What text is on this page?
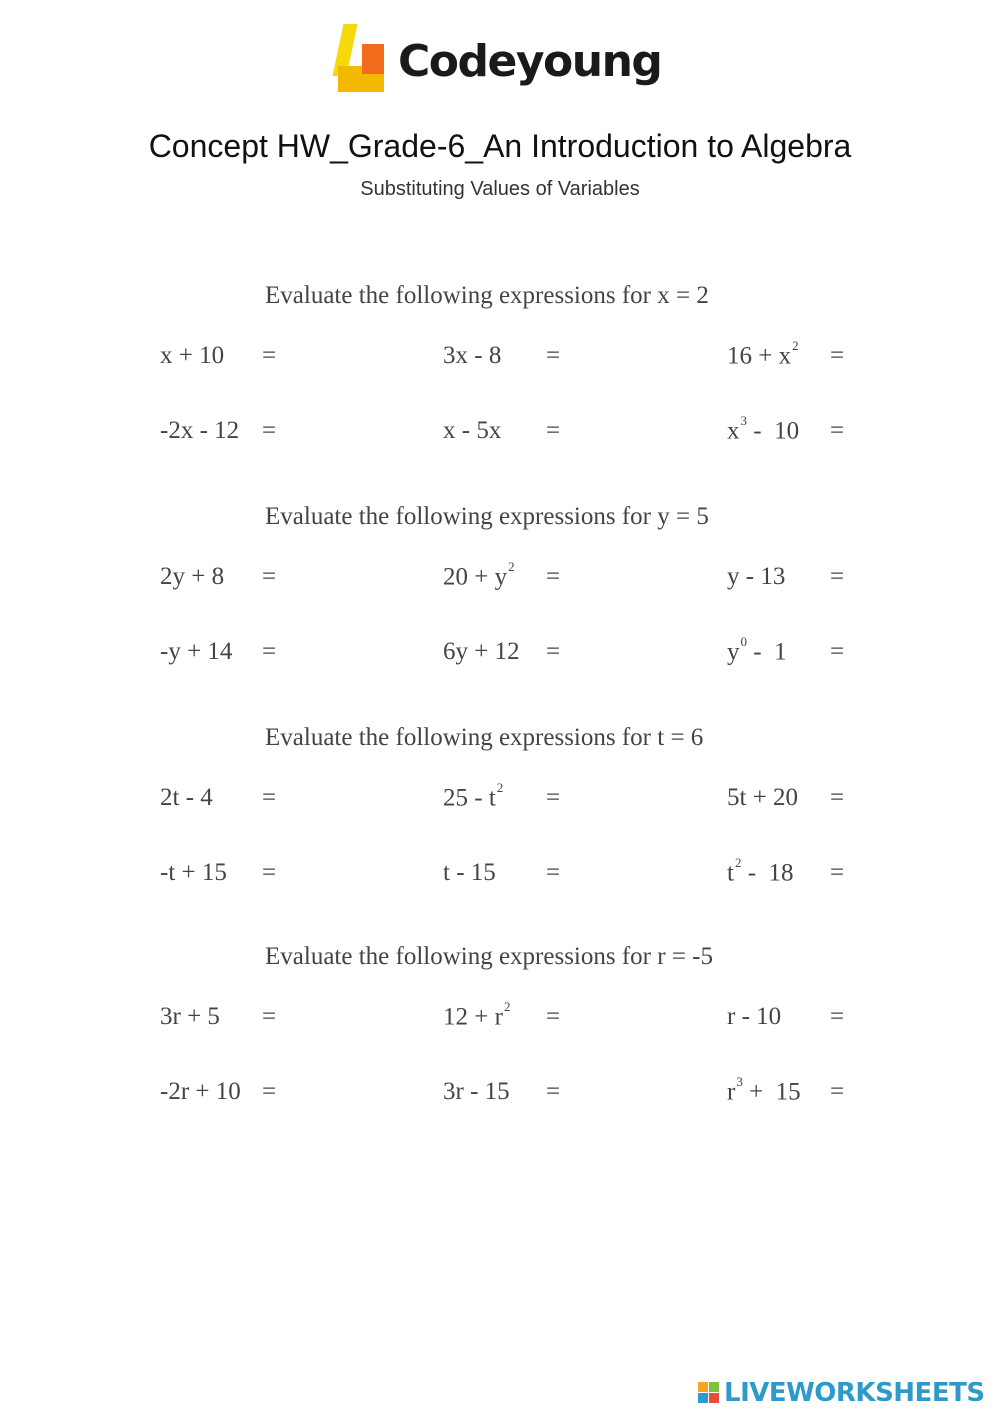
Codeyoung
Concept HW_Grade-6_An Introduction to Algebra
Substituting Values of Variables
Evaluate the following expressions for x = 2
x + 10 =	3x - 8 =	$16 + x^2$ =
-2x - 12 =	x - 5x =	$x^3 - 10$ =
Evaluate the following expressions for y = 5
2y + 8 =	$20 + y^2$ =	y - 13 =
-y + 14 =	6y + 12 =	$y^0 - 1$ =
Evaluate the following expressions for t = 6
2t - 4 =	$25 - t^2$ =	5t + 20 =
-t + 15 =	t - 15 =	$t^2 - 18$ =
Evaluate the following expressions for r = -5
3r + 5 =	$12 + r^2$ =	r - 10 =
-2r + 10 =	3r - 15 =	$r^3 + 15$ =
LIVEWORKSHEETS
